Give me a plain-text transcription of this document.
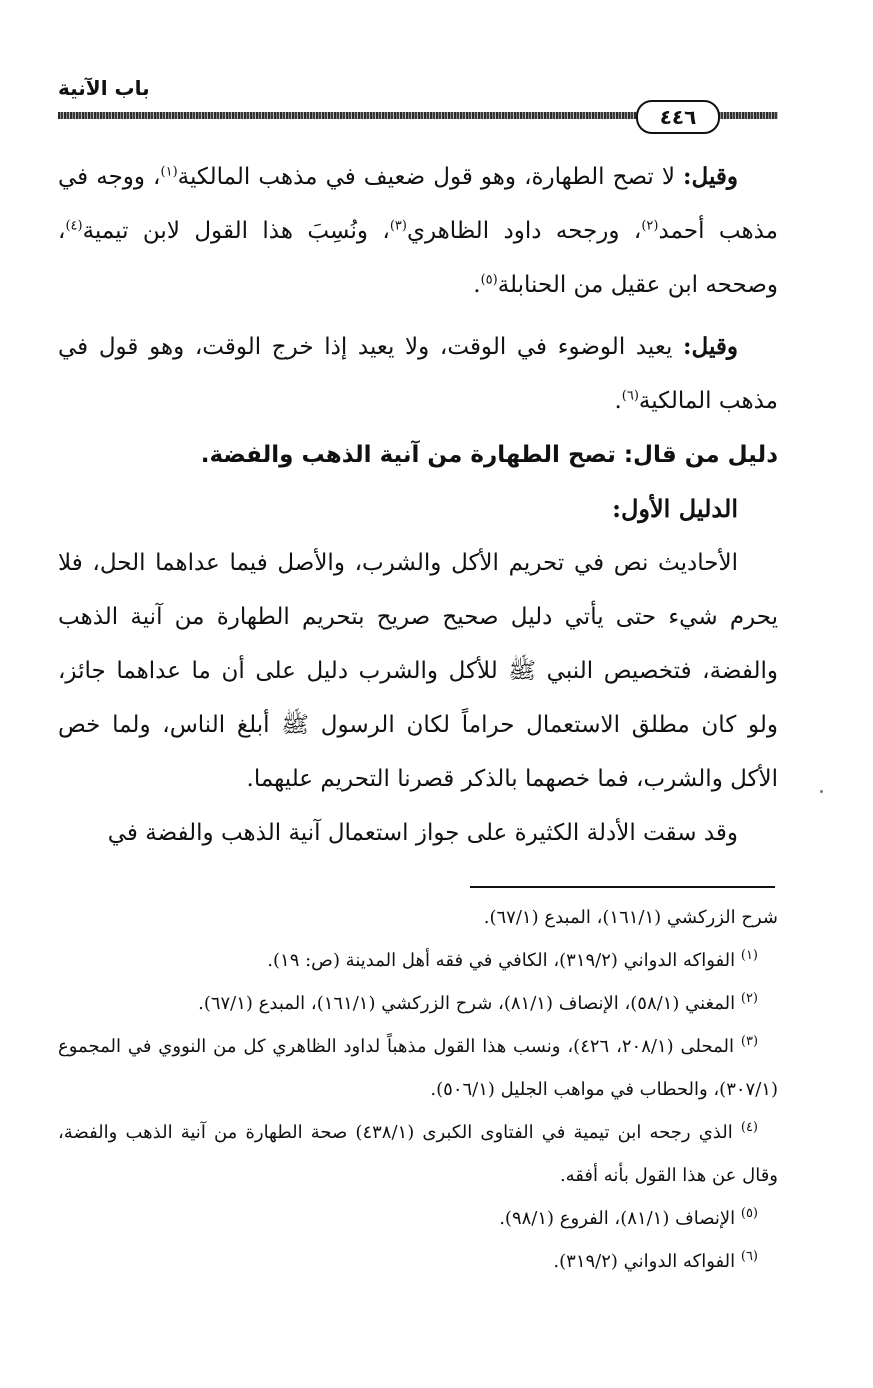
باب الآنية
٤٤٦

وقيل: لا تصح الطهارة، وهو قول ضعيف في مذهب المالكية$^{(١)}$، ووجه في مذهب أحمد$^{(٢)}$، ورجحه داود الظاهري$^{(٣)}$، ونُسِبَ هذا القول لابن تيمية$^{(٤)}$، وصححه ابن عقيل من الحنابلة$^{(٥)}$.

وقيل: يعيد الوضوء في الوقت، ولا يعيد إذا خرج الوقت، وهو قول في مذهب المالكية$^{(٦)}$.

دليل من قال: تصح الطهارة من آنية الذهب والفضة.

الدليل الأول:

الأحاديث نص في تحريم الأكل والشرب، والأصل فيما عداهما الحل، فلا يحرم شيء حتى يأتي دليل صحيح صريح بتحريم الطهارة من آنية الذهب والفضة، فتخصيص النبي ﷺ للأكل والشرب دليل على أن ما عداهما جائز، ولو كان مطلق الاستعمال حراماً لكان الرسول ﷺ أبلغ الناس، ولما خص الأكل والشرب، فما خصهما بالذكر قصرنا التحريم عليهما.

وقد سقت الأدلة الكثيرة على جواز استعمال آنية الذهب والفضة في

شرح الزركشي (١٦١/١)، المبدع (٦٧/١).

$^{(١)}$ الفواكه الدواني (٣١٩/٢)، الكافي في فقه أهل المدينة (ص: ١٩).

$^{(٢)}$ المغني (٥٨/١)، الإنصاف (٨١/١)، شرح الزركشي (١٦١/١)، المبدع (٦٧/١).

$^{(٣)}$ المحلى (٢٠٨/١، ٤٢٦)، ونسب هذا القول مذهباً لداود الظاهري كل من النووي في المجموع (٣٠٧/١)، والحطاب في مواهب الجليل (٥٠٦/١).

$^{(٤)}$ الذي رجحه ابن تيمية في الفتاوى الكبرى (٤٣٨/١) صحة الطهارة من آنية الذهب والفضة، وقال عن هذا القول بأنه أفقه.

$^{(٥)}$ الإنصاف (٨١/١)، الفروع (٩٨/١).

$^{(٦)}$ الفواكه الدواني (٣١٩/٢).
